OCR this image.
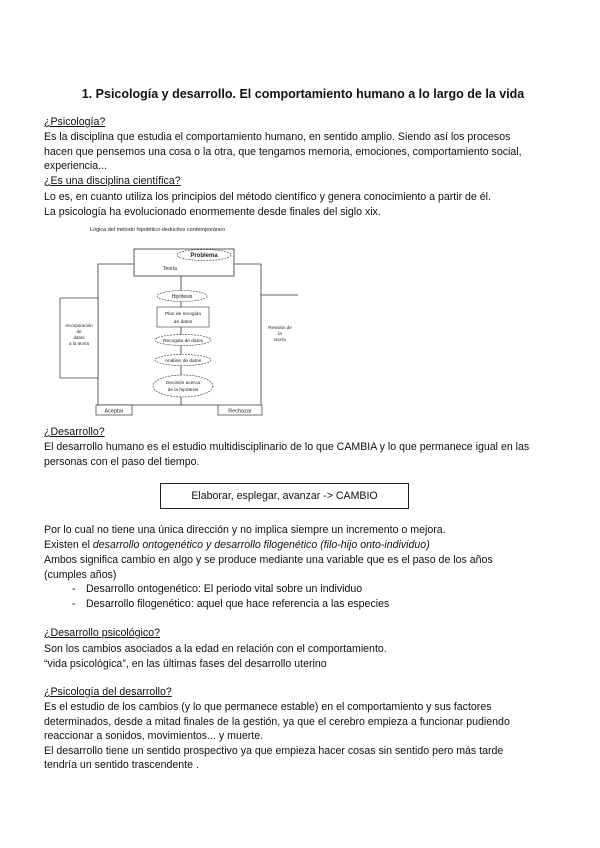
1. Psicología y desarrollo. El comportamiento humano a lo largo de la vida
¿Psicología?
Es la disciplina que estudia el comportamiento humano, en sentido amplio. Siendo así los procesos
hacen que pensemos una cosa o la otra, que tengamos memoria, emociones, comportamiento social,
experiencia...
¿Es una disciplina científica?
Lo es, en cuanto utiliza los principios del método científico y genera conocimiento a partir de él.
La psicología ha evolucionado enormemente desde finales del siglo xix.
Lógica del método hipotético-deductivo contemporáneo
Problema
Teoría
Hipótesis
Plan de recogida
de datos
Recogida de datos
Análisis de datos
Decisión acerca
de la hipótesis
Incorporación
de
datos
a la teoría
Revisión de
la
teoría
Aceptar	Rechazar
¿Desarrollo?
El desarrollo humano es el estudio multidisciplinario de lo que CAMBIA y lo que permanece igual en las
personas con el paso del tiempo.
Elaborar, esplegar, avanzar -> CAMBIO
Por lo cual no tiene una única dirección y no implica siempre un incremento o mejora.
Existen el desarrollo ontogenético y desarrollo filogenético (filo-hijo onto-individuo)
Ambos significa cambio en algo y se produce mediante una variable que es el paso de los años
(cumples años)
- Desarrollo ontogenético: El periodo vital sobre un individuo
- Desarrollo filogenético: aquel que hace referencia a las especies
¿Desarrollo psicológico?
Son los cambios asociados a la edad en relación con el comportamiento.
“vida psicológica”, en las últimas fases del desarrollo uterino
¿Psicología del desarrollo?
Es el estudio de los cambios (y lo que permanece estable) en el comportamiento y sus factores
determinados, desde a mitad finales de la gestión, ya que el cerebro empieza a funcionar pudiendo
reaccionar a sonidos, movimientos... y muerte.
El desarrollo tiene un sentido prospectivo ya que empieza hacer cosas sin sentido pero más tarde
tendría un sentido trascendente .
